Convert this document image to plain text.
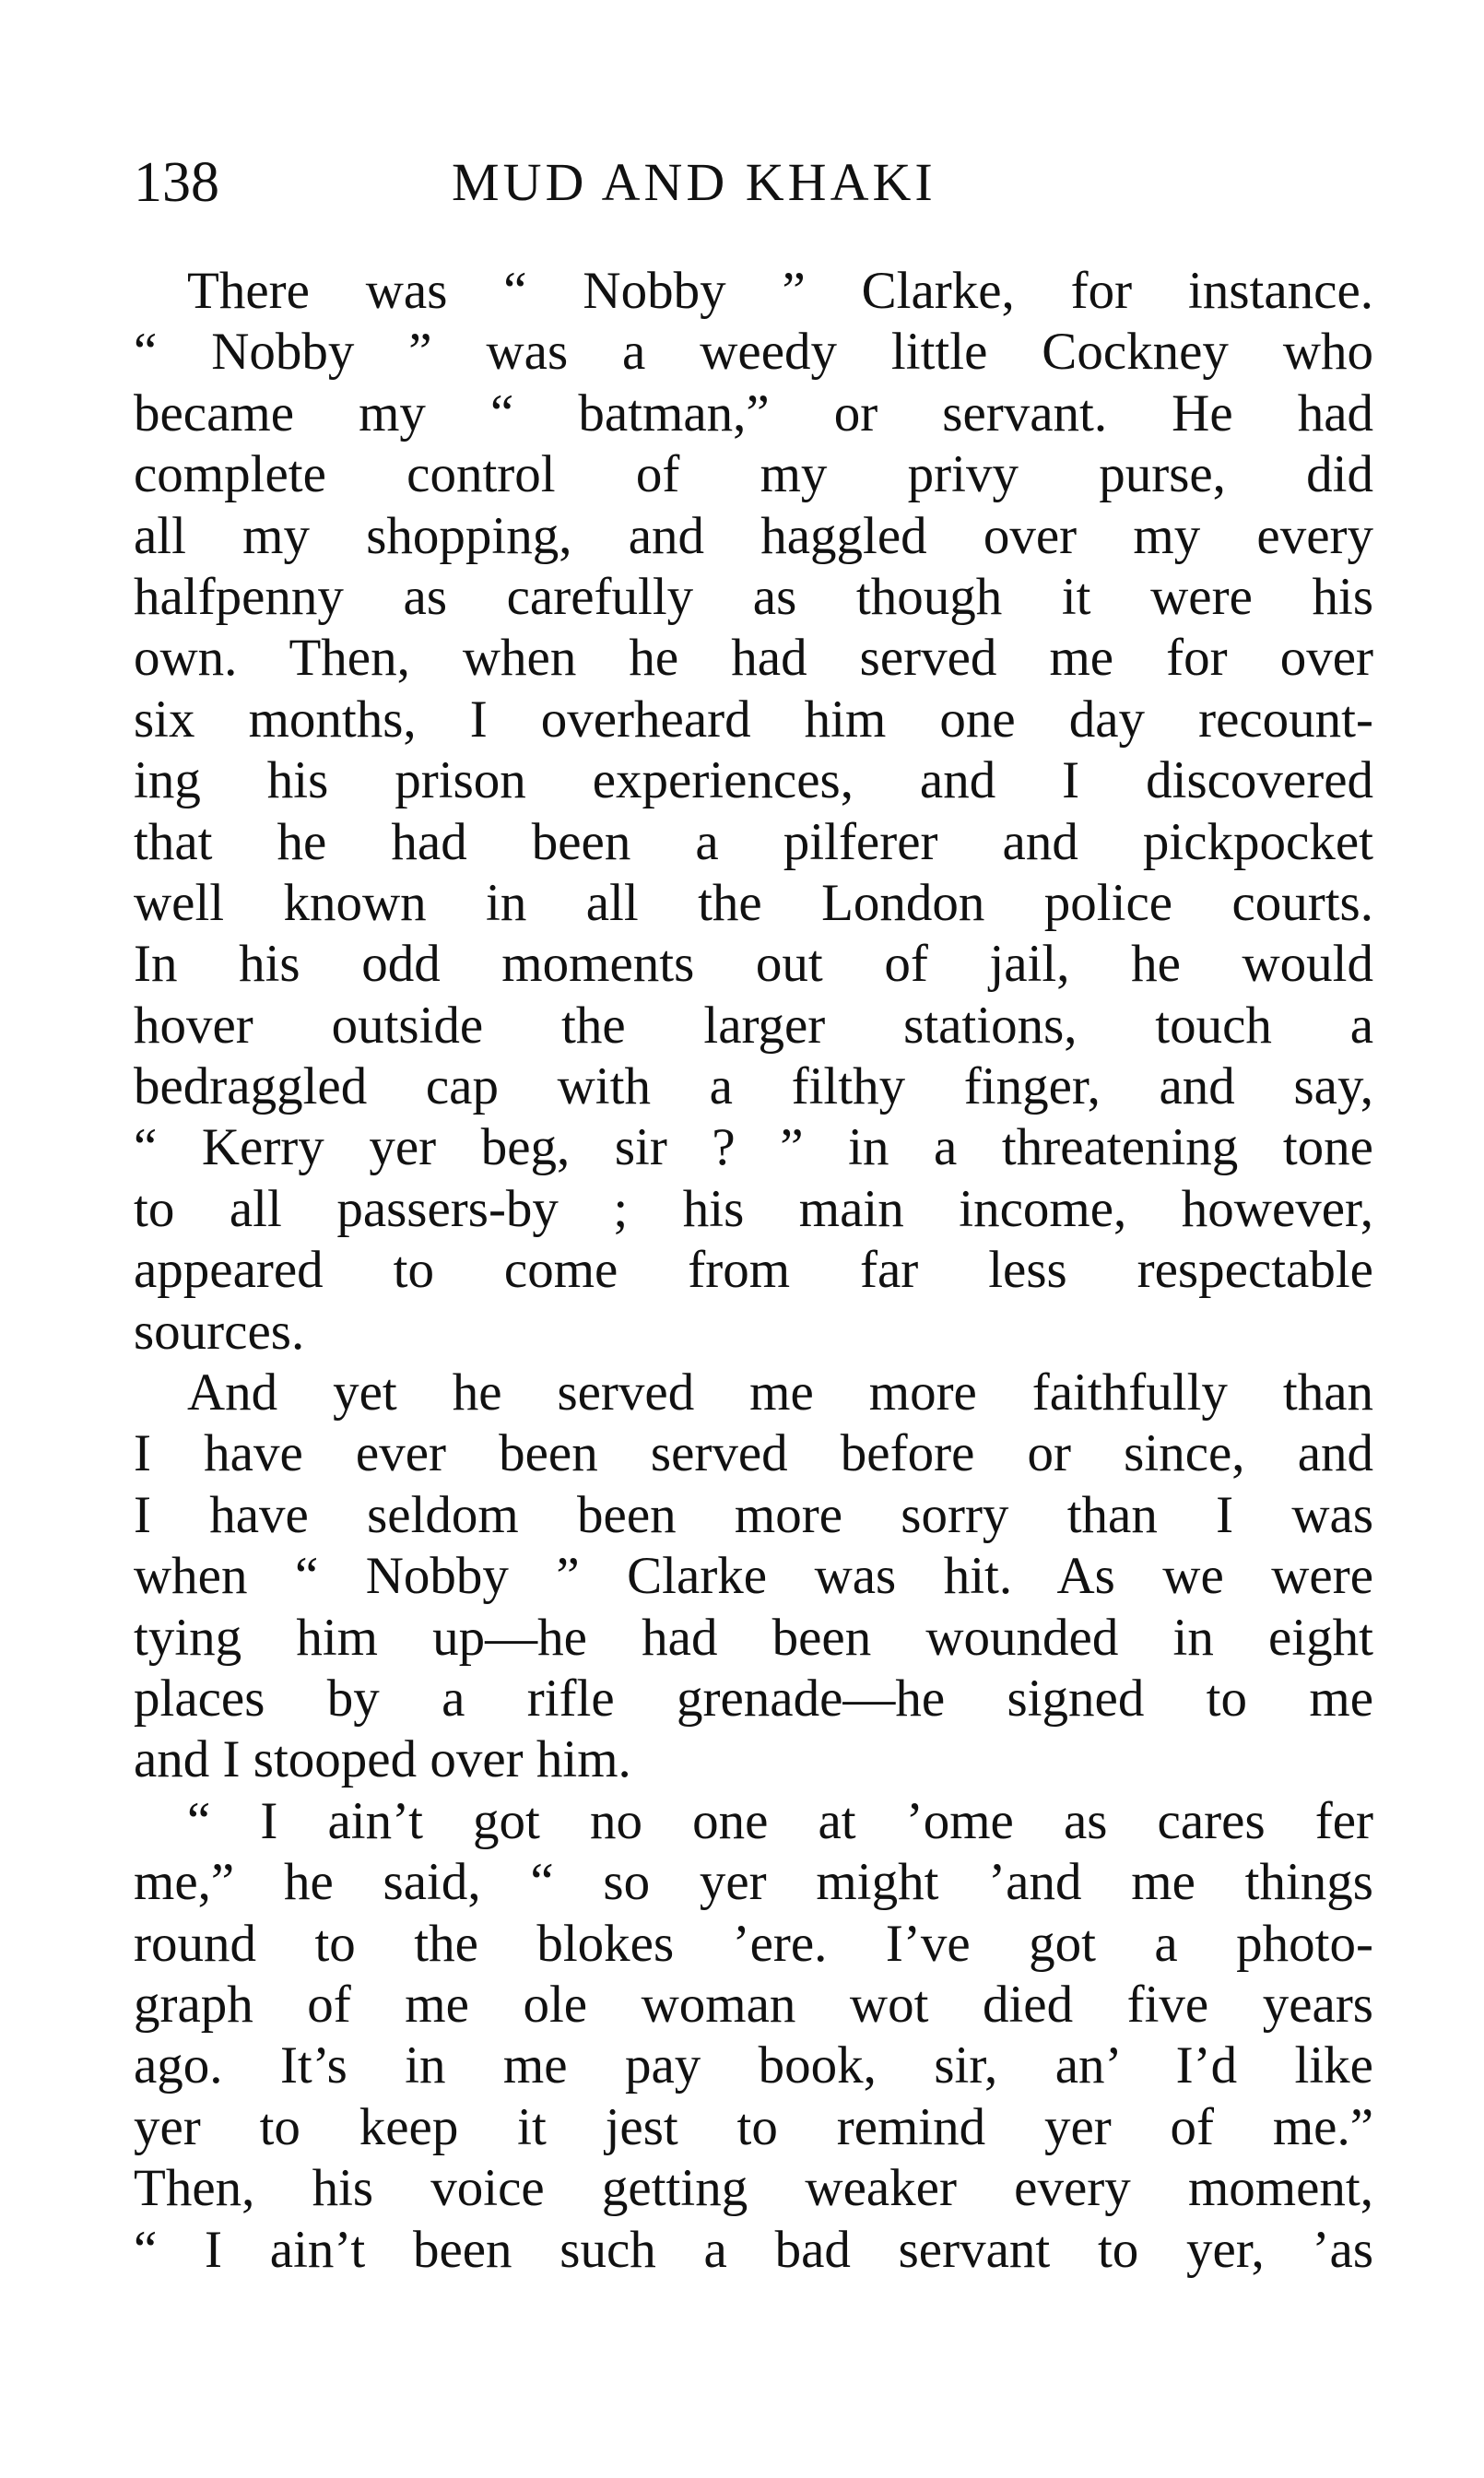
138	MUD AND KHAKI
There was “ Nobby ” Clarke, for instance.
“ Nobby ” was a weedy little Cockney who
became my “ batman,” or servant. He had
complete control of my privy purse, did
all my shopping, and haggled over my every
halfpenny as carefully as though it were his
own. Then, when he had served me for over
six months, I overheard him one day recount-
ing his prison experiences, and I discovered
that he had been a pilferer and pickpocket
well known in all the London police courts.
In his odd moments out of jail, he would
hover outside the larger stations, touch a
bedraggled cap with a filthy finger, and say,
“ Kerry yer beg, sir ? ” in a threatening tone
to all passers-by ; his main income, however,
appeared to come from far less respectable
sources.
And yet he served me more faithfully than
I have ever been served before or since, and
I have seldom been more sorry than I was
when “ Nobby ” Clarke was hit. As we were
tying him up—he had been wounded in eight
places by a rifle grenade—he signed to me
and I stooped over him.
“ I ain’t got no one at ’ome as cares fer
me,” he said, “ so yer might ’and me things
round to the blokes ’ere. I’ve got a photo-
graph of me ole woman wot died five years
ago. It’s in me pay book, sir, an’ I’d like
yer to keep it jest to remind yer of me.”
Then, his voice getting weaker every moment,
“ I ain’t been such a bad servant to yer, ’as
